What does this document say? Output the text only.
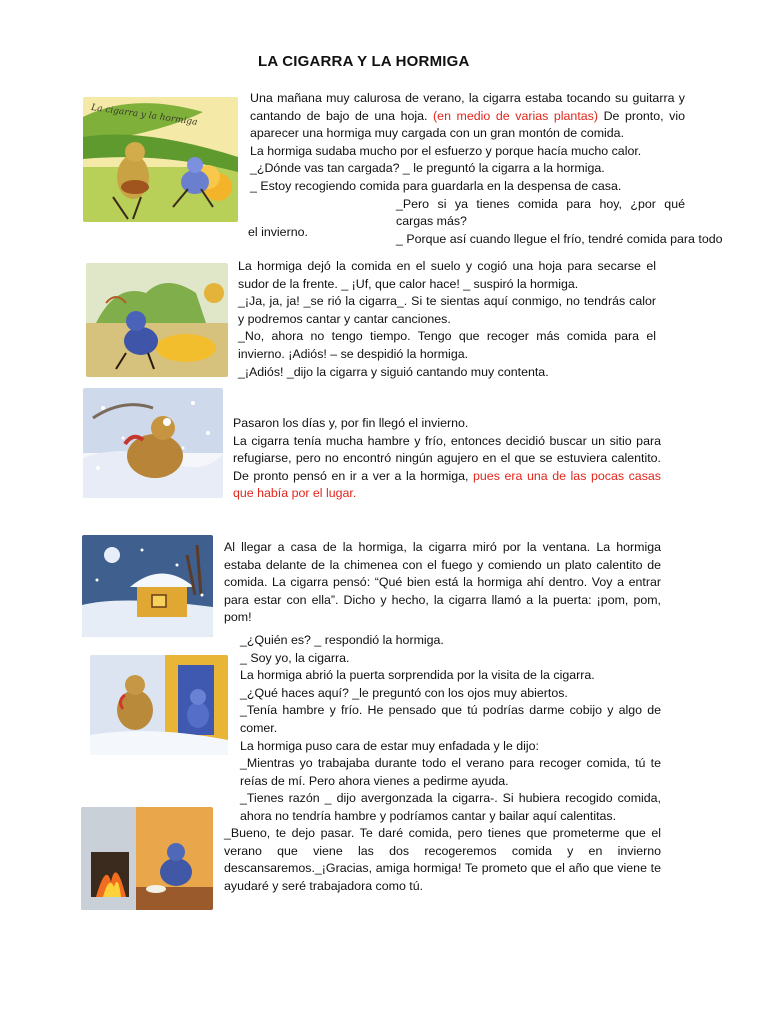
LA CIGARRA Y LA HORMIGA
La cigarra y la hormiga

Una mañana muy calurosa de verano, la cigarra estaba tocando su guitarra y cantando de bajo de una hoja. (en medio de varias plantas) De pronto, vio aparecer una hormiga muy cargada con un gran montón de comida.

La hormiga sudaba mucho por el esfuerzo y porque hacía mucho calor.

_¿Dónde vas tan cargada? _ le preguntó la cigarra a la hormiga.

_ Estoy recogiendo comida para guardarla en la despensa de casa.

_Pero si ya tienes comida para hoy, ¿por qué cargas más?

_ Porque así cuando llegue el frío, tendré comida para todo

el invierno.

La hormiga dejó la comida en el suelo y cogió una hoja para secarse el sudor de la frente. _ ¡Uf, que calor hace! _ suspiró la hormiga.

_¡Ja, ja, ja! _se rió la cigarra_. Si te sientas aquí conmigo, no tendrás calor y podremos cantar y cantar canciones.

_No, ahora no tengo tiempo. Tengo que recoger más comida para el invierno. ¡Adiós! – se despidió la hormiga.

_¡Adiós! _dijo la cigarra y siguió cantando muy contenta.

Pasaron los días y, por fin llegó el invierno.

La cigarra tenía mucha hambre y frío, entonces decidió buscar un sitio para refugiarse, pero no encontró ningún agujero en el que se estuviera calentito. De pronto pensó en ir a ver a la hormiga, pues era una de las pocas casas que había por el lugar.

Al llegar a casa de la hormiga, la cigarra miró por la ventana. La hormiga estaba delante de la chimenea con el fuego y comiendo un plato calentito de comida. La cigarra pensó: “Qué bien está la hormiga ahí dentro. Voy a entrar para estar con ella”. Dicho y hecho, la cigarra llamó a la puerta: ¡pom, pom, pom!

_¿Quién es? _ respondió la hormiga.

_ Soy yo, la cigarra.

La hormiga abrió la puerta sorprendida por la visita de la cigarra.

_¿Qué haces aquí? _le preguntó con los ojos muy abiertos.

_Tenía hambre y frío. He pensado que tú podrías darme cobijo y algo de comer.

La hormiga puso cara de estar muy enfadada y le dijo:

_Mientras yo trabajaba durante todo el verano para recoger comida, tú te reías de mí. Pero ahora vienes a pedirme ayuda.

_Tienes razón _ dijo avergonzada la cigarra-. Si hubiera recogido comida, ahora no tendría hambre y podríamos cantar y bailar aquí calentitas.

_Bueno, te dejo pasar. Te daré comida, pero tienes que prometerme que el verano que viene las dos recogeremos comida y en invierno descansaremos._¡Gracias, amiga hormiga! Te prometo que el año que viene te ayudaré y seré trabajadora como tú.
